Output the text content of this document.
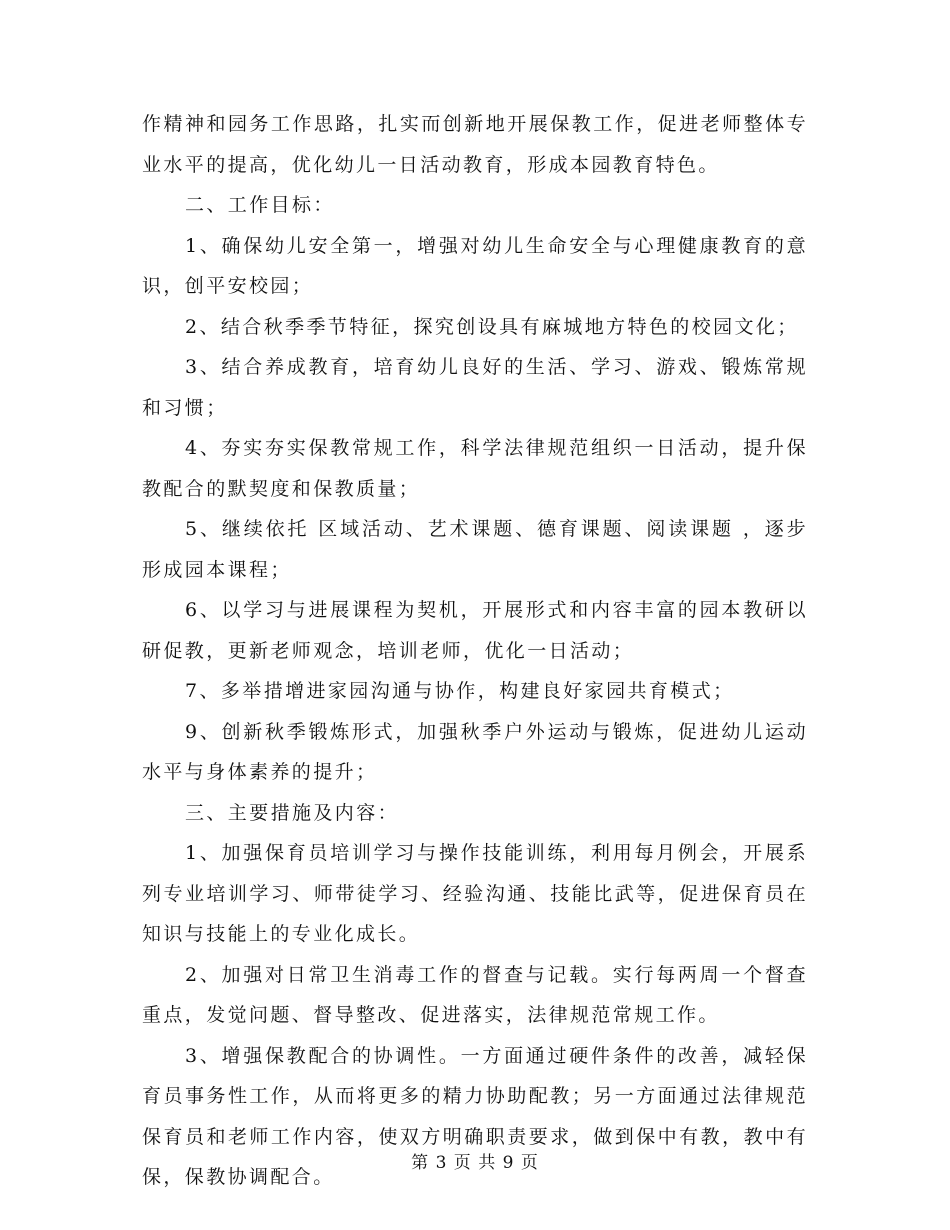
作精神和园务工作思路，扎实而创新地开展保教工作，促进老师整体专业水平的提高，优化幼儿一日活动教育，形成本园教育特色。

二、工作目标：

1、确保幼儿安全第一，增强对幼儿生命安全与心理健康教育的意识，创平安校园；

2、结合秋季季节特征，探究创设具有麻城地方特色的校园文化；

3、结合养成教育，培育幼儿良好的生活、学习、游戏、锻炼常规和习惯；

4、夯实夯实保教常规工作，科学法律规范组织一日活动，提升保教配合的默契度和保教质量；

5、继续依托 区域活动、艺术课题、德育课题、阅读课题 ，逐步形成园本课程；

6、以学习与进展课程为契机，开展形式和内容丰富的园本教研以研促教，更新老师观念，培训老师，优化一日活动；

7、多举措增进家园沟通与协作，构建良好家园共育模式；

9、创新秋季锻炼形式，加强秋季户外运动与锻炼，促进幼儿运动水平与身体素养的提升；

三、主要措施及内容：

1、加强保育员培训学习与操作技能训练，利用每月例会，开展系列专业培训学习、师带徒学习、经验沟通、技能比武等，促进保育员在知识与技能上的专业化成长。

2、加强对日常卫生消毒工作的督查与记载。实行每两周一个督查重点，发觉问题、督导整改、促进落实，法律规范常规工作。

3、增强保教配合的协调性。一方面通过硬件条件的改善，减轻保育员事务性工作，从而将更多的精力协助配教；另一方面通过法律规范保育员和老师工作内容，使双方明确职责要求，做到保中有教，教中有保，保教协调配合。

第 3 页 共 9 页
